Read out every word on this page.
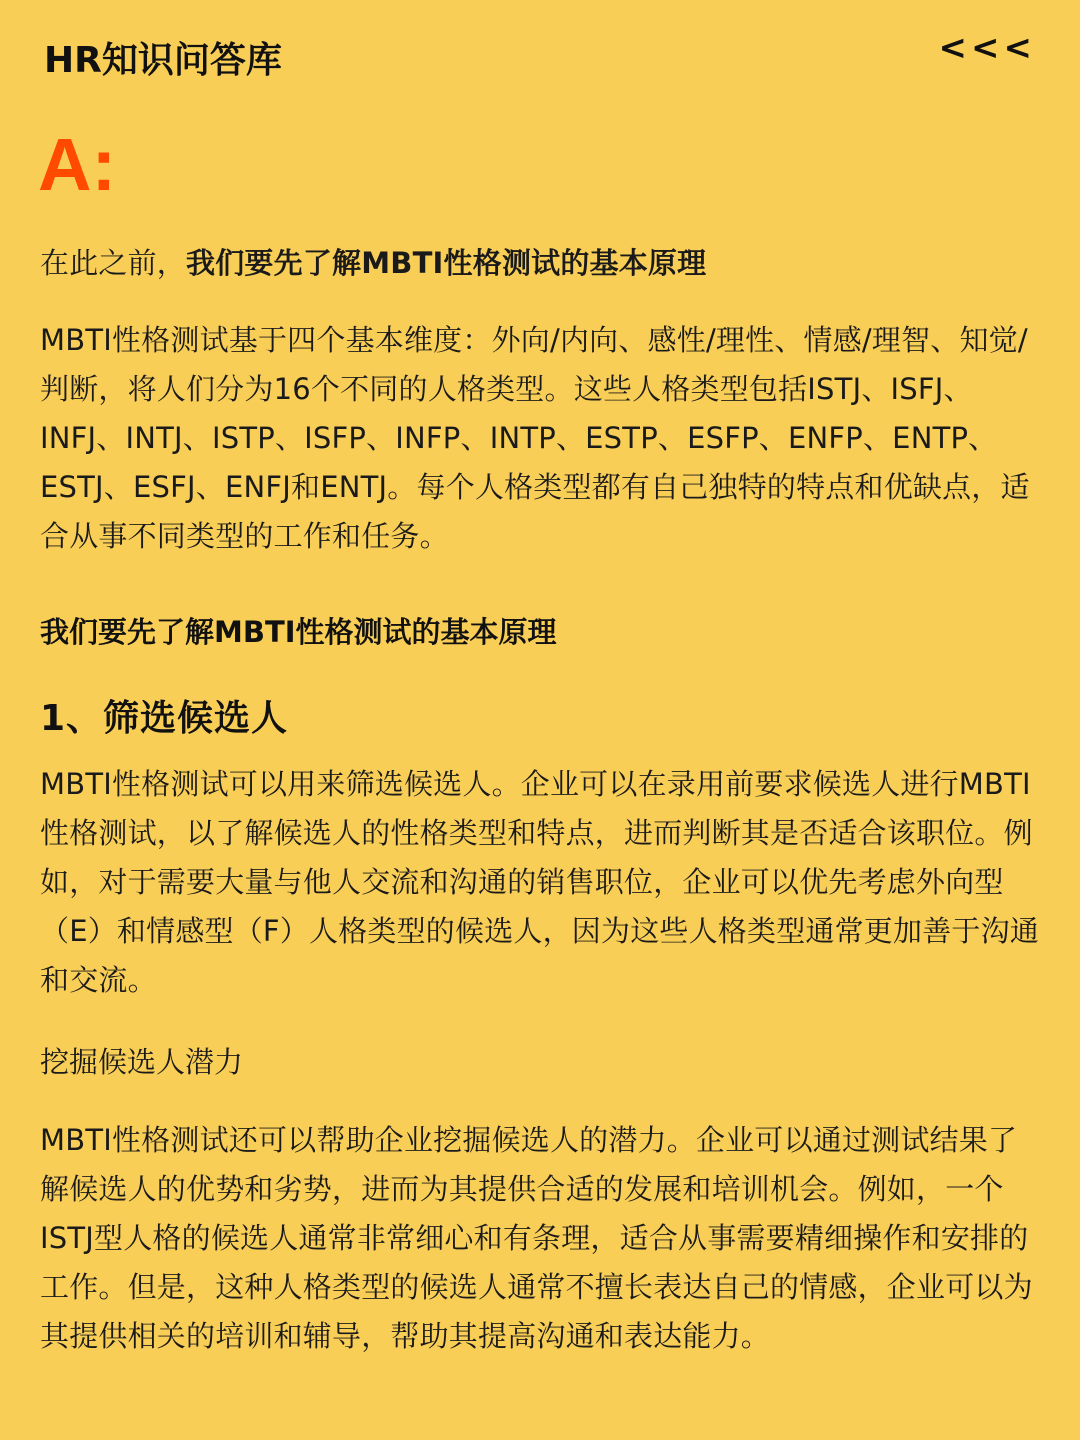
HR知识问答库	<<<
A:

在此之前，我们要先了解MBTI性格测试的基本原理

MBTI性格测试基于四个基本维度：外向/内向、感性/理性、情感/理智、知觉/判断，将人们分为16个不同的人格类型。这些人格类型包括ISTJ、ISFJ、INFJ、INTJ、ISTP、ISFP、INFP、INTP、ESTP、ESFP、ENFP、ENTP、ESTJ、ESFJ、ENFJ和ENTJ。每个人格类型都有自己独特的特点和优缺点，适合从事不同类型的工作和任务。

我们要先了解MBTI性格测试的基本原理
1、筛选候选人

MBTI性格测试可以用来筛选候选人。企业可以在录用前要求候选人进行MBTI性格测试，以了解候选人的性格类型和特点，进而判断其是否适合该职位。例如，对于需要大量与他人交流和沟通的销售职位，企业可以优先考虑外向型（E）和情感型（F）人格类型的候选人，因为这些人格类型通常更加善于沟通和交流。

挖掘候选人潜力

MBTI性格测试还可以帮助企业挖掘候选人的潜力。企业可以通过测试结果了解候选人的优势和劣势，进而为其提供合适的发展和培训机会。例如，一个ISTJ型人格的候选人通常非常细心和有条理，适合从事需要精细操作和安排的工作。但是，这种人格类型的候选人通常不擅长表达自己的情感，企业可以为其提供相关的培训和辅导，帮助其提高沟通和表达能力。
